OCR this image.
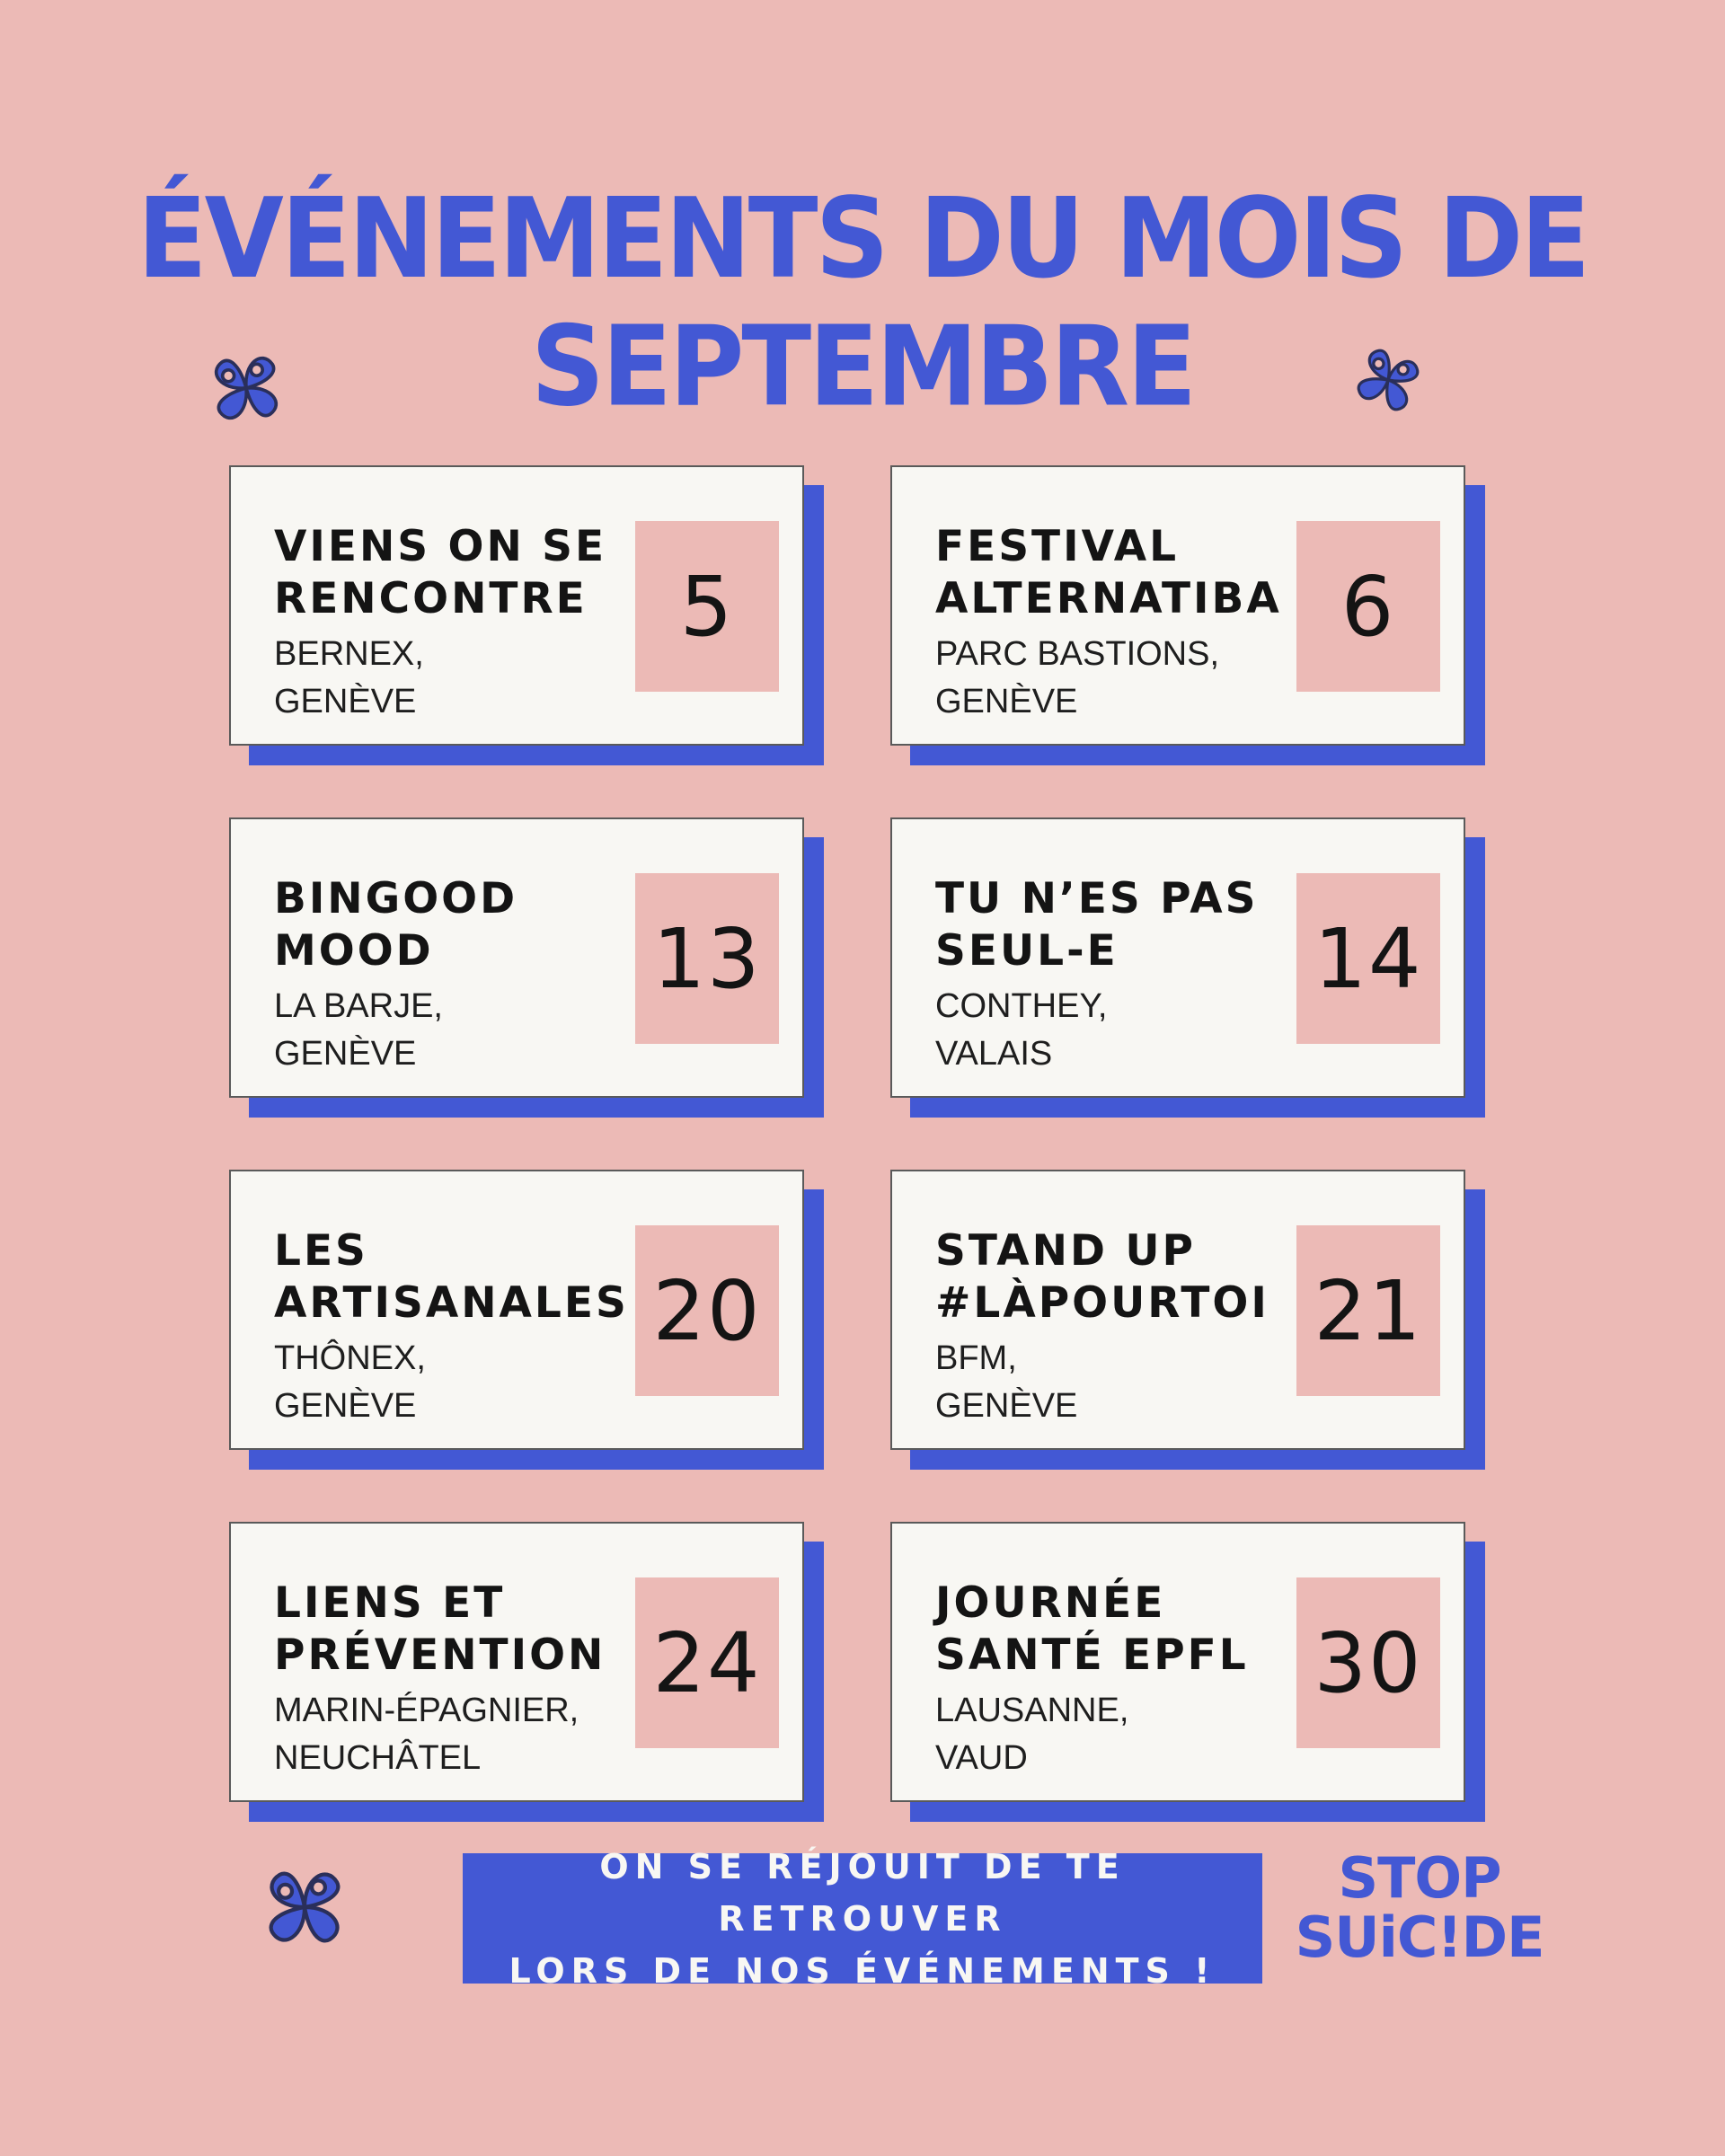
ÉVÉNEMENTS DU MOIS DE
SEPTEMBRE
VIENS ON SE
RENCONTRE
BERNEX,
GENÈVE
5
FESTIVAL
ALTERNATIBA
PARC BASTIONS,
GENÈVE
6
BINGOOD
MOOD
LA BARJE,
GENÈVE
13
TU N’ES PAS
SEUL-E
CONTHEY,
VALAIS
14
LES
ARTISANALES
THÔNEX,
GENÈVE
20
STAND UP
#LÀPOURTOI
BFM,
GENÈVE
21
LIENS ET
PRÉVENTION
MARIN-ÉPAGNIER,
NEUCHÂTEL
24
JOURNÉE
SANTÉ EPFL
LAUSANNE,
VAUD
30
ON SE RÉJOUIT DE TE RETROUVER
LORS DE NOS ÉVÉNEMENTS !
STOP
SUiC!DE
